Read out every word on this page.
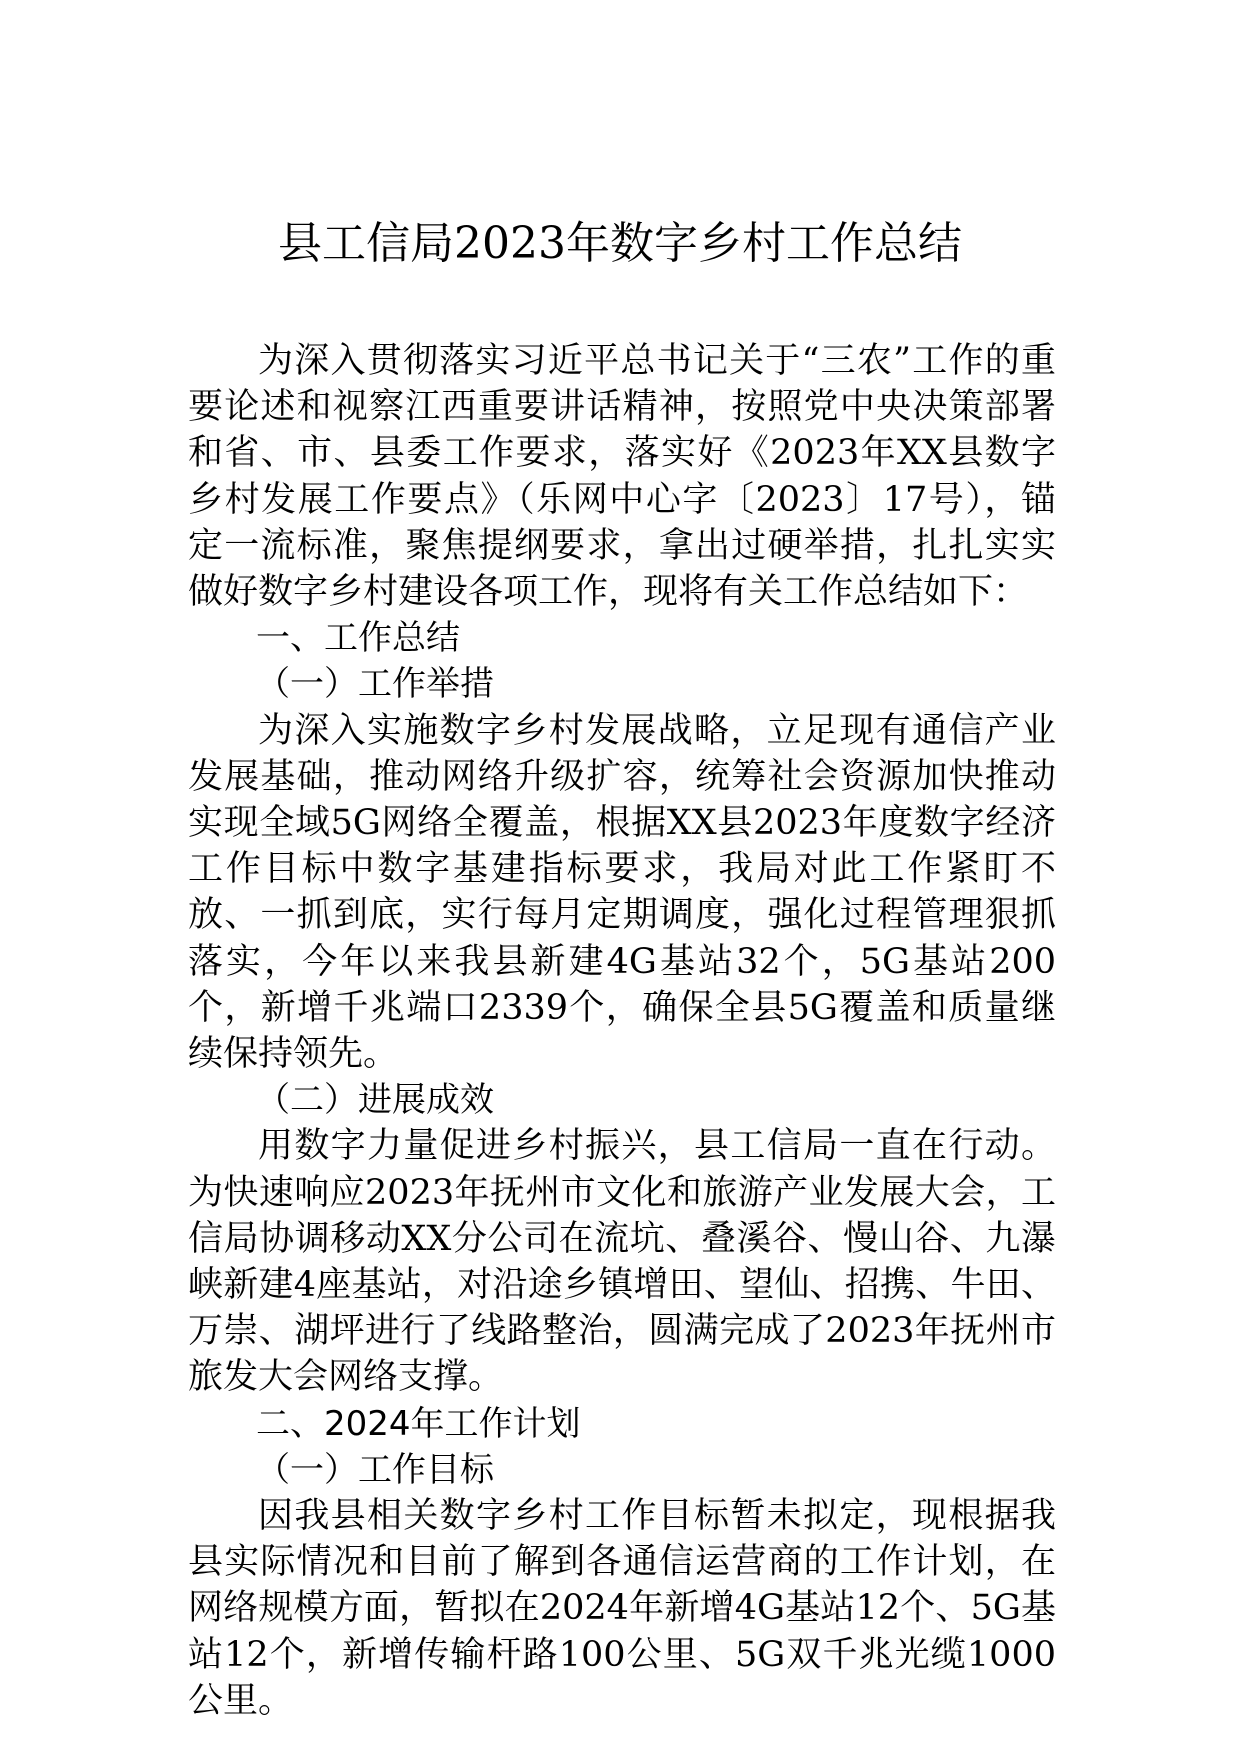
县工信局2023年数字乡村工作总结

为深入贯彻落实习近平总书记关于“三农”工作的重要论述和视察江西重要讲话精神，按照党中央决策部署和省、市、县委工作要求，落实好《2023年XX县数字乡村发展工作要点》（乐网中心字〔2023〕17号），锚定一流标准，聚焦提纲要求，拿出过硬举措，扎扎实实做好数字乡村建设各项工作，现将有关工作总结如下：

一、工作总结

（一）工作举措

为深入实施数字乡村发展战略，立足现有通信产业发展基础，推动网络升级扩容，统筹社会资源加快推动实现全域5G网络全覆盖，根据XX县2023年度数字经济工作目标中数字基建指标要求，我局对此工作紧盯不放、一抓到底，实行每月定期调度，强化过程管理狠抓落实，今年以来我县新建4G基站32个，5G基站200个，新增千兆端口2339个，确保全县5G覆盖和质量继续保持领先。

（二）进展成效

用数字力量促进乡村振兴，县工信局一直在行动。为快速响应2023年抚州市文化和旅游产业发展大会，工信局协调移动XX分公司在流坑、叠溪谷、慢山谷、九瀑峡新建4座基站，对沿途乡镇增田、望仙、招携、牛田、万崇、湖坪进行了线路整治，圆满完成了2023年抚州市旅发大会网络支撑。

二、2024年工作计划

（一）工作目标

因我县相关数字乡村工作目标暂未拟定，现根据我县实际情况和目前了解到各通信运营商的工作计划，在网络规模方面，暂拟在2024年新增4G基站12个、5G基站12个，新增传输杆路100公里、5G双千兆光缆1000公里。
